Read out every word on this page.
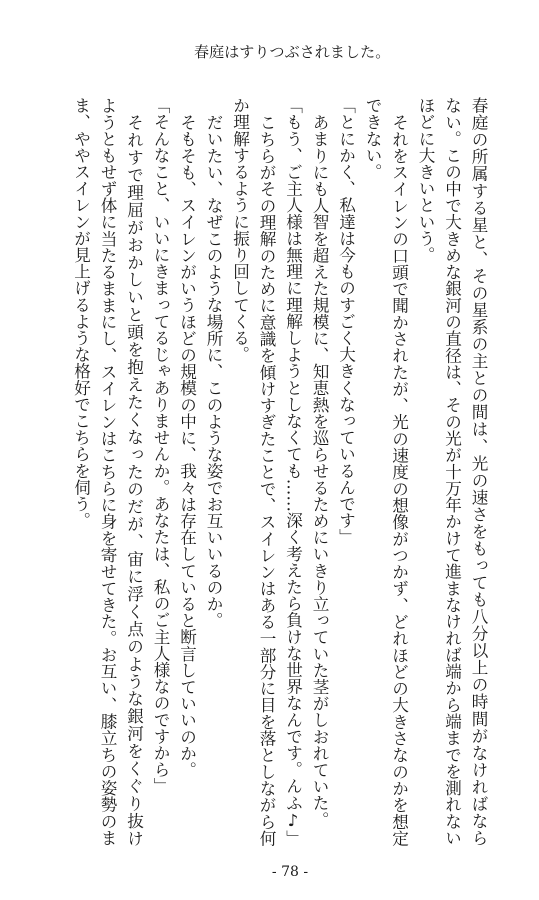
春庭はすりつぶされました。
春庭の所属する星と、その星系の主との間は、光の速さをもっても八分以上の時間がなければなら
ない。この中で大きめな銀河の直径は、その光が十万年かけて進まなければ端から端までを測れない
ほどに大きいという。
それをスイレンの口頭で聞かされたが、光の速度の想像がつかず、どれほどの大きさなのかを想定
できない。
「とにかく、私達は今ものすごく大きくなっているんです」
あまりにも人智を超えた規模に、知恵熱を巡らせるためにいきり立っていた茎がしおれていた。
「もう、ご主人様は無理に理解しようとしなくても……深く考えたら負けな世界なんです。んふ♪」
こちらがその理解のために意識を傾けすぎたことで、スイレンはある一部分に目を落としながら何
か理解するように振り回してくる。
だいたい、なぜこのような場所に、このような姿でお互いいるのか。
そもそも、スイレンがいうほどの規模の中に、我々は存在していると断言していいのか。
「そんなこと、いいにきまってるじゃありませんか。あなたは、私のご主人様なのですから」
それすで理屈がおかしいと頭を抱えたくなったのだが、宙に浮く点のような銀河をくぐり抜け
ようともせず体に当たるままにし、スイレンはこちらに身を寄せてきた。お互い、膝立ちの姿勢のま
ま、ややスイレンが見上げるような格好でこちらを伺う。
- 78 -
